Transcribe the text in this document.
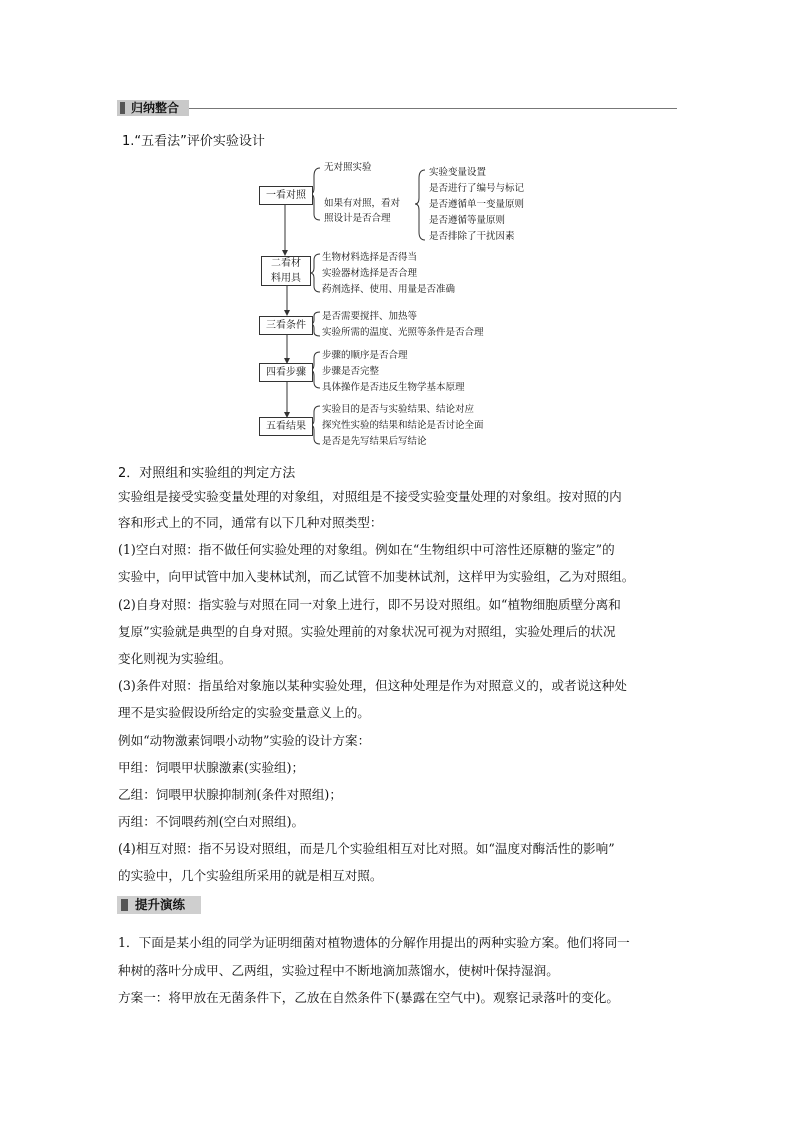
归纳整合
1.“五看法”评价实验设计
一看对照
二看材料用具
三看条件
四看步骤
五看结果
无对照实验
如果有对照，看对
照设计是否合理
实验变量设置
是否进行了编号与标记
是否遵循单一变量原则
是否遵循等量原则
是否排除了干扰因素
生物材料选择是否得当
实验器材选择是否合理
药剂选择、使用、用量是否准确
是否需要搅拌、加热等
实验所需的温度、光照等条件是否合理
步骤的顺序是否合理
步骤是否完整
具体操作是否违反生物学基本原理
实验目的是否与实验结果、结论对应
探究性实验的结果和结论是否讨论全面
是否是先写结果后写结论
2．对照组和实验组的判定方法
实验组是接受实验变量处理的对象组，对照组是不接受实验变量处理的对象组。按对照的内
容和形式上的不同，通常有以下几种对照类型：
(1)空白对照：指不做任何实验处理的对象组。例如在“生物组织中可溶性还原糖的鉴定”的
实验中，向甲试管中加入斐林试剂，而乙试管不加斐林试剂，这样甲为实验组，乙为对照组。
(2)自身对照：指实验与对照在同一对象上进行，即不另设对照组。如“植物细胞质壁分离和
复原”实验就是典型的自身对照。实验处理前的对象状况可视为对照组，实验处理后的状况
变化则视为实验组。
(3)条件对照：指虽给对象施以某种实验处理，但这种处理是作为对照意义的，或者说这种处
理不是实验假设所给定的实验变量意义上的。
例如“动物激素饲喂小动物”实验的设计方案：
甲组：饲喂甲状腺激素(实验组)；
乙组：饲喂甲状腺抑制剂(条件对照组)；
丙组：不饲喂药剂(空白对照组)。
(4)相互对照：指不另设对照组，而是几个实验组相互对比对照。如“温度对酶活性的影响”
的实验中，几个实验组所采用的就是相互对照。
提升演练
1．下面是某小组的同学为证明细菌对植物遗体的分解作用提出的两种实验方案。他们将同一
种树的落叶分成甲、乙两组，实验过程中不断地滴加蒸馏水，使树叶保持湿润。
方案一：将甲放在无菌条件下，乙放在自然条件下(暴露在空气中)。观察记录落叶的变化。
